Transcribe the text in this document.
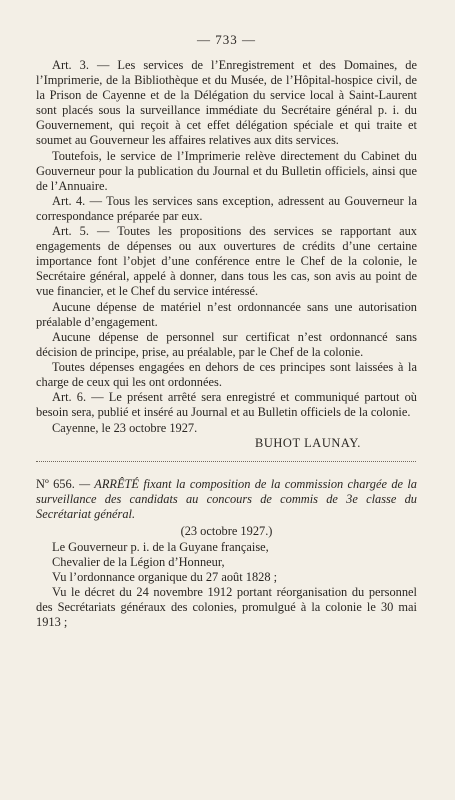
— 733 —

Art. 3. — Les services de l’Enregistrement et des Domaines, de l’Imprimerie, de la Bibliothèque et du Musée, de l’Hôpital-hospice civil, de la Prison de Cayenne et de la Délégation du service local à Saint-Laurent sont placés sous la surveillance immédiate du Secrétaire général p. i. du Gouvernement, qui reçoit à cet effet délégation spéciale et qui traite et soumet au Gouverneur les affaires relatives aux dits services.

Toutefois, le service de l’Imprimerie relève directement du Cabinet du Gouverneur pour la publication du Journal et du Bulletin officiels, ainsi que de l’Annuaire.

Art. 4. — Tous les services sans exception, adressent au Gouverneur la correspondance préparée par eux.

Art. 5. — Toutes les propositions des services se rapportant aux engagements de dépenses ou aux ouvertures de crédits d’une certaine importance font l’objet d’une conférence entre le Chef de la colonie, le Secrétaire général, appelé à donner, dans tous les cas, son avis au point de vue financier, et le Chef du service intéressé.

Aucune dépense de matériel n’est ordonnancée sans une autorisation préalable d’engagement.

Aucune dépense de personnel sur certificat n’est ordonnancé sans décision de principe, prise, au préalable, par le Chef de la colonie.

Toutes dépenses engagées en dehors de ces principes sont laissées à la charge de ceux qui les ont ordonnées.

Art. 6. — Le présent arrêté sera enregistré et communiqué partout où besoin sera, publié et inséré au Journal et au Bulletin officiels de la colonie.

Cayenne, le 23 octobre 1927.

BUHOT LAUNAY.

Nº 656. — ARRÊTÉ fixant la composition de la commission chargée de la surveillance des candidats au concours de commis de 3e classe du Secrétariat général.

(23 octobre 1927.)

Le Gouverneur p. i. de la Guyane française,

Chevalier de la Légion d’Honneur,

Vu l’ordonnance organique du 27 août 1828 ;

Vu le décret du 24 novembre 1912 portant réorganisation du personnel des Secrétariats généraux des colonies, promulgué à la colonie le 30 mai 1913 ;
